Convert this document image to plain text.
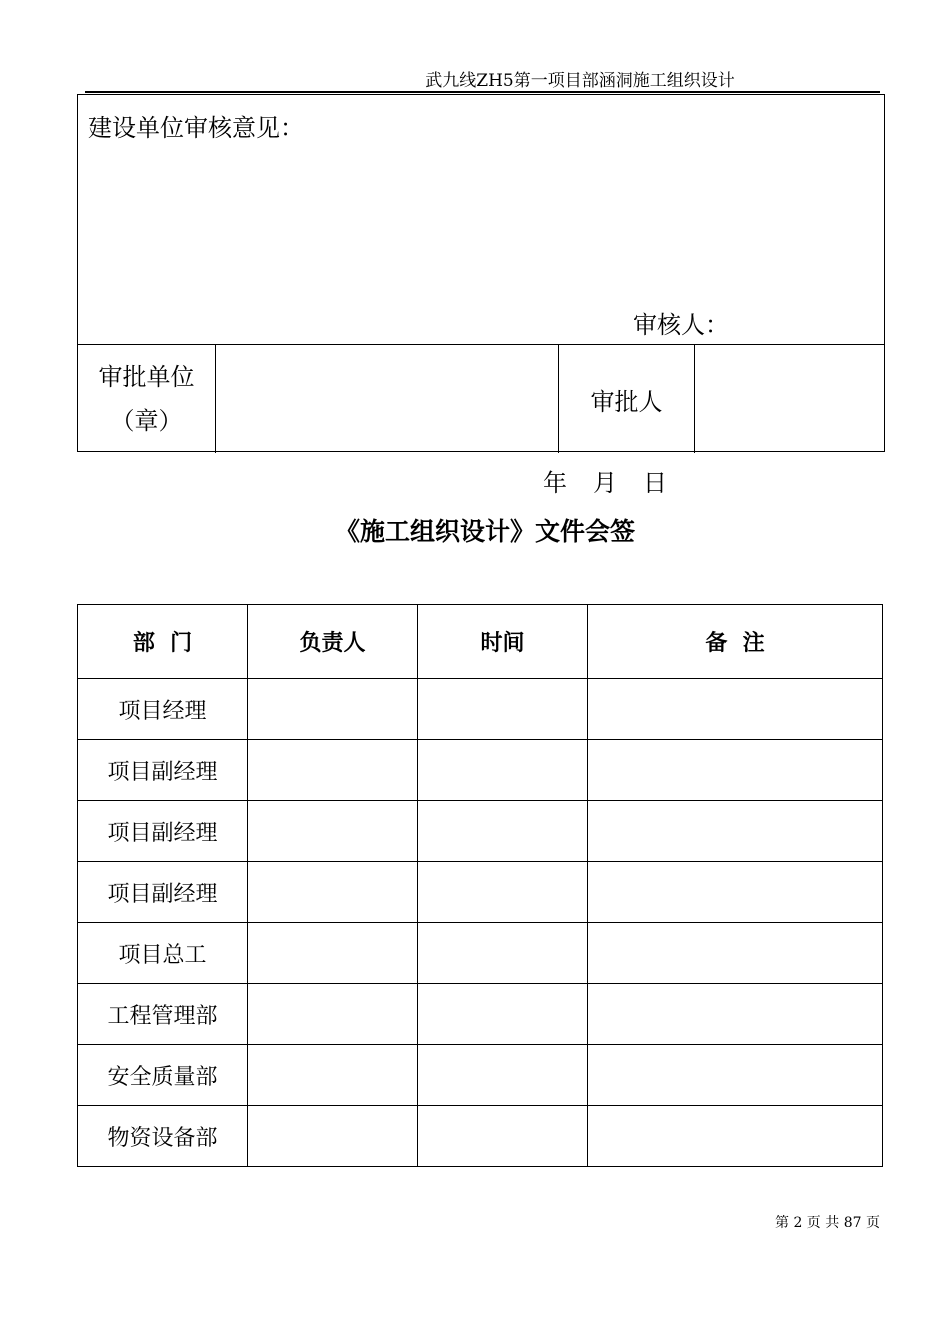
武九线ZH5第一项目部涵洞施工组织设计
建设单位审核意见：
审核人：
审批单位
（章）
审批人
年 月 日
《施工组织设计》文件会签
部  门	负责人	时间	备  注
项目经理			
项目副经理			
项目副经理			
项目副经理			
项目总工			
工程管理部			
安全质量部			
物资设备部			
第 2 页 共 87 页
